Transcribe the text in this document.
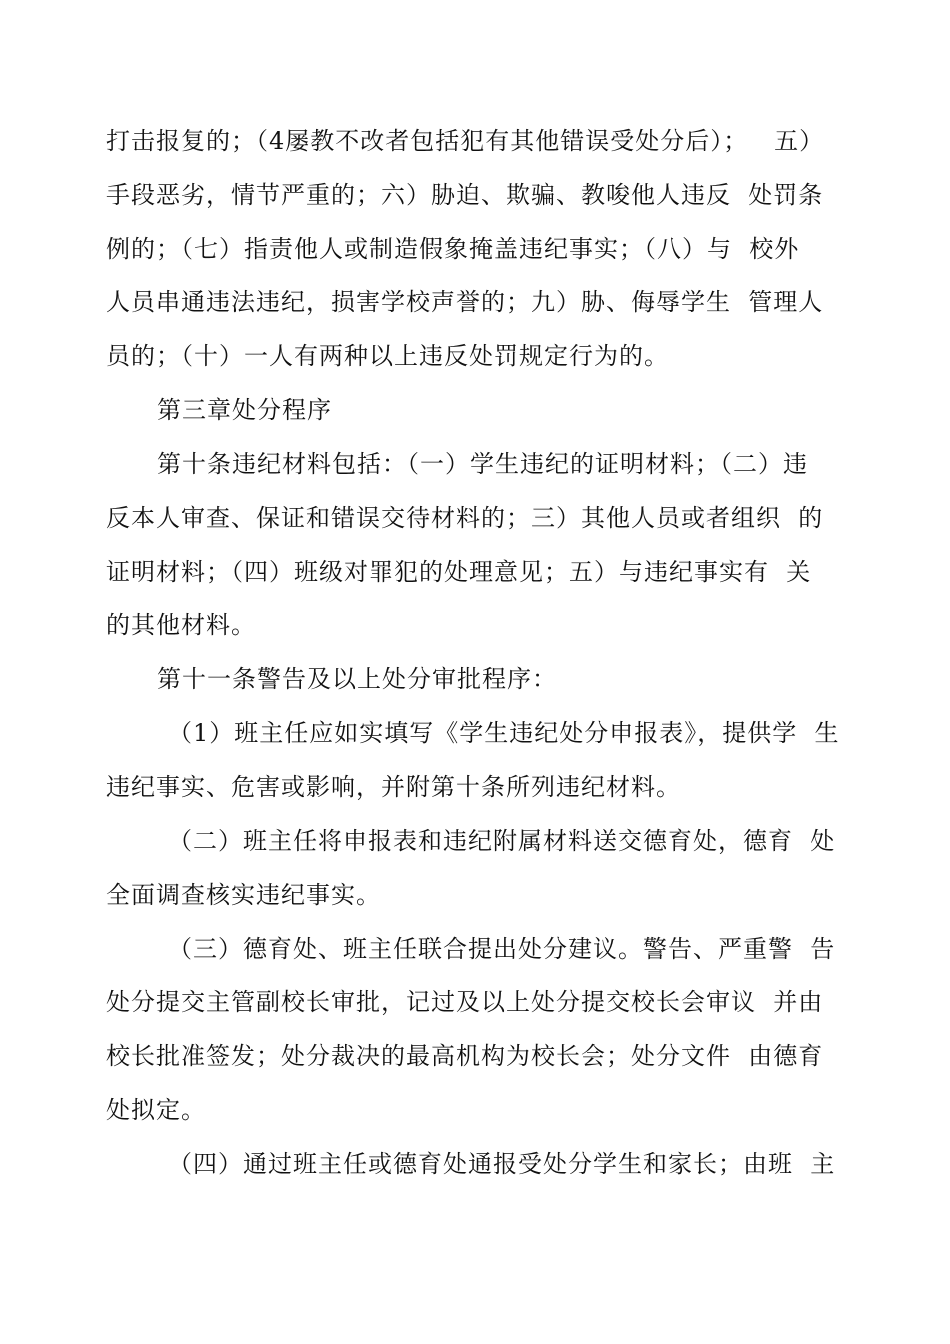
打击报复的；（4屡教不改者包括犯有其他错误受处分后）；   五）
手段恶劣，情节严重的；六）胁迫、欺骗、教唆他人违反  处罚条
例的；（七）指责他人或制造假象掩盖违纪事实；（八）与  校外
人员串通违法违纪，损害学校声誉的；九）胁、侮辱学生  管理人
员的；（十）一人有两种以上违反处罚规定行为的。
第三章处分程序
第十条违纪材料包括：（一）学生违纪的证明材料；（二）违
反本人审查、保证和错误交待材料的；三）其他人员或者组织  的
证明材料；（四）班级对罪犯的处理意见；五）与违纪事实有  关
的其他材料。
第十一条警告及以上处分审批程序：
（1）班主任应如实填写《学生违纪处分申报表》，提供学  生
违纪事实、危害或影响，并附第十条所列违纪材料。
（二）班主任将申报表和违纪附属材料送交德育处，德育  处
全面调查核实违纪事实。
（三）德育处、班主任联合提出处分建议。警告、严重警  告
处分提交主管副校长审批，记过及以上处分提交校长会审议  并由
校长批准签发；处分裁决的最高机构为校长会；处分文件  由德育
处拟定。
（四）通过班主任或德育处通报受处分学生和家长；由班  主
